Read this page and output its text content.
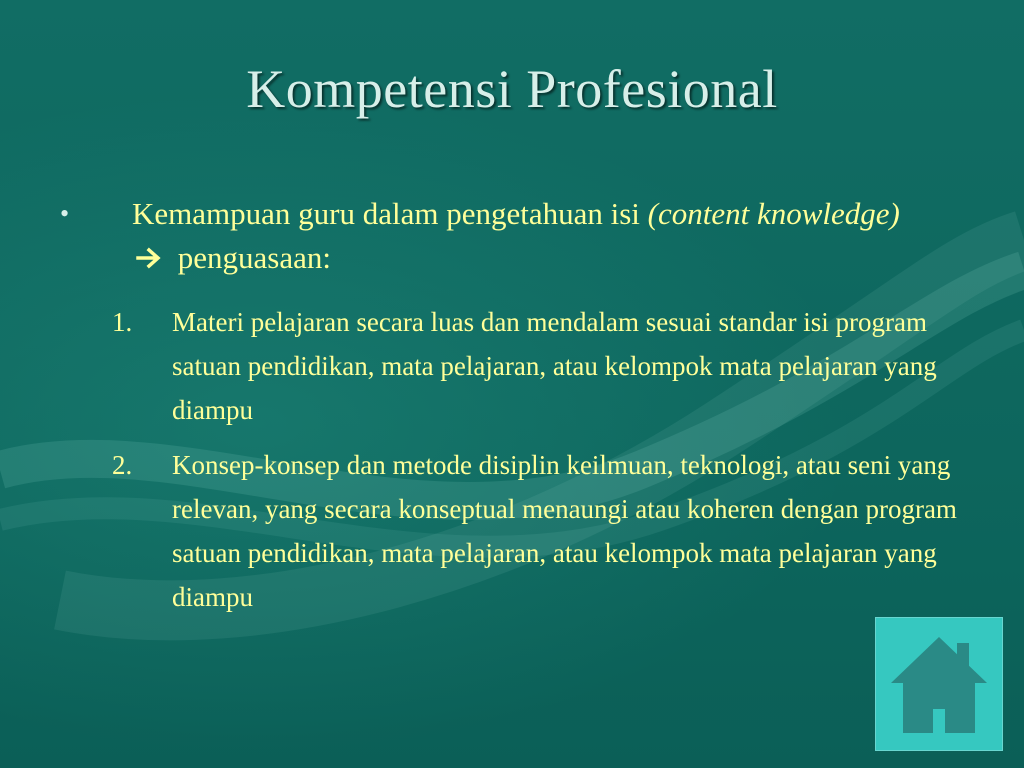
Kompetensi Profesional
• Kemampuan guru dalam pengetahuan isi (content knowledge) penguasaan:
1.	Materi pelajaran secara luas dan mendalam sesuai standar isi program satuan pendidikan, mata pelajaran, atau kelompok mata pelajaran yang diampu
2.	Konsep-konsep dan metode disiplin keilmuan, teknologi, atau seni yang relevan, yang secara konseptual menaungi atau koheren dengan program satuan pendidikan, mata pelajaran, atau kelompok mata pelajaran yang diampu
